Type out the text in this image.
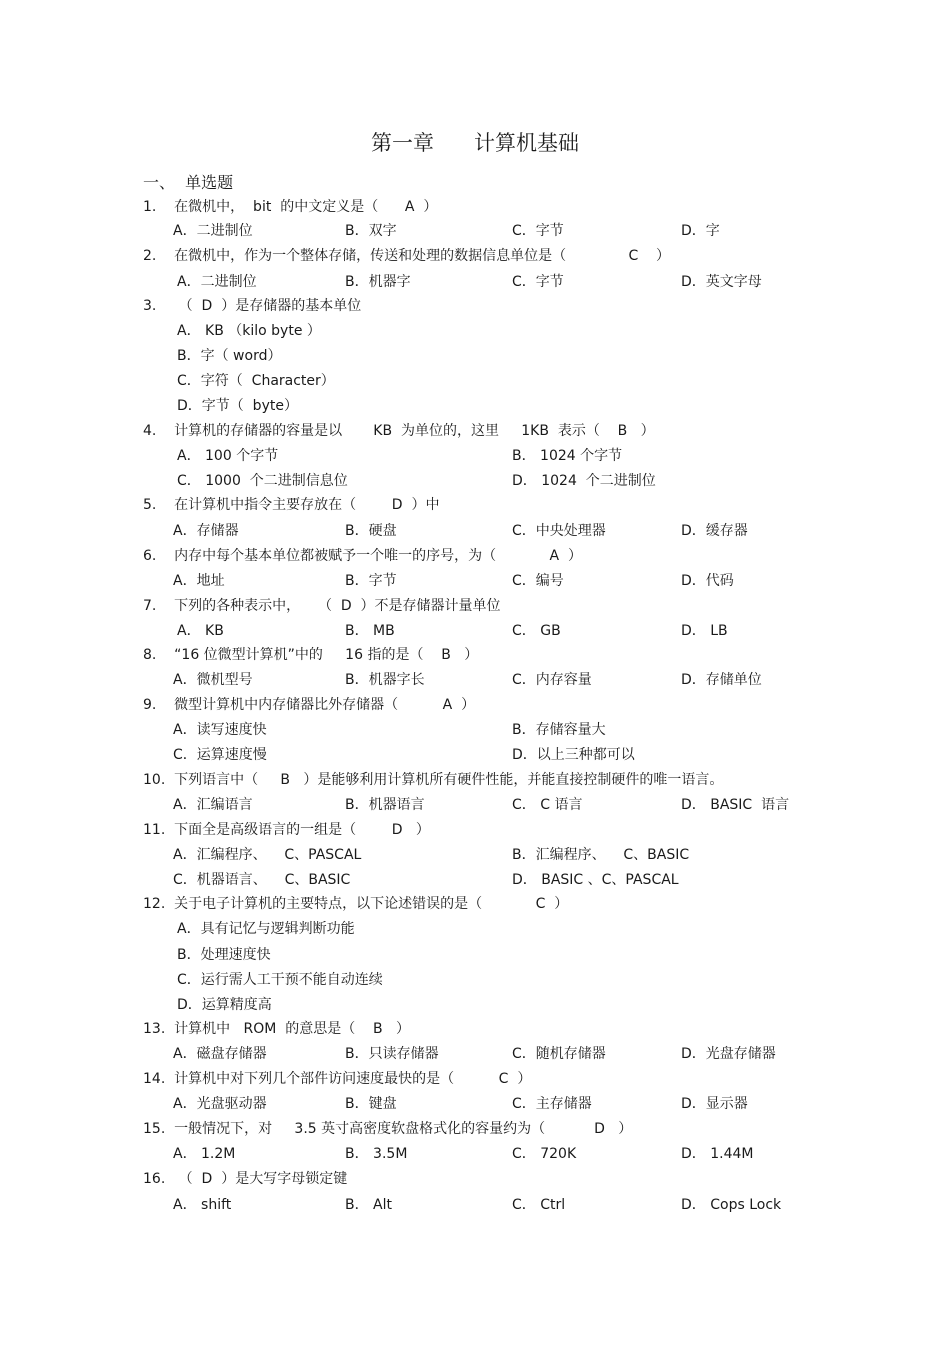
第一章      计算机基础
一、  单选题
1.    在微机中，  bit  的中文定义是（      A  ）
A．二进制位	B．双字	C．字节	D．字
2.    在微机中，作为一个整体存储，传送和处理的数据信息单位是（              C    ）
A．二进制位	B．机器字	C．字节	D．英文字母
3.     （  D  ）是存储器的基本单位
A． KB （kilo byte ）
B．字（ word）
C．字符（  Character）
D．字节（  byte）
4.    计算机的存储器的容量是以       KB  为单位的，这里     1KB  表示（    B   ）
A． 100 个字节	B． 1024 个字节
C． 1000  个二进制信息位	D． 1024  个二进制位
5.    在计算机中指令主要存放在（        D  ）中
A．存储器	B．硬盘	C．中央处理器	D．缓存器
6.    内存中每个基本单位都被赋予一个唯一的序号，为（            A  ）
A．地址	B．字节	C．编号	D．代码
7.    下列的各种表示中，    （  D  ）不是存储器计量单位
A． KB	B． MB	C． GB	D． LB
8.    “16 位微型计算机”中的     16 指的是（    B   ）
A．微机型号	B．机器字长	C．内存容量	D．存储单位
9.    微型计算机中内存储器比外存储器（          A  ）
A．读写速度快	B．存储容量大
C．运算速度慢	D．以上三种都可以
10.  下列语言中（     B   ）是能够利用计算机所有硬件性能，并能直接控制硬件的唯一语言。
A．汇编语言	B．机器语言	C． C 语言	D． BASIC  语言
11.  下面全是高级语言的一组是（        D   ）
A．汇编程序、    C、PASCAL	B．汇编程序、    C、BASIC
C．机器语言、    C、BASIC	D． BASIC 、C、PASCAL
12.  关于电子计算机的主要特点，以下论述错误的是（            C  ）
A．具有记忆与逻辑判断功能
B．处理速度快
C．运行需人工干预不能自动连续
D．运算精度高
13.  计算机中   ROM  的意思是（    B   ）
A．磁盘存储器	B．只读存储器	C．随机存储器	D．光盘存储器
14.  计算机中对下列几个部件访问速度最快的是（          C  ）
A．光盘驱动器	B．键盘	C．主存储器	D．显示器
15.  一般情况下，对     3.5 英寸高密度软盘格式化的容量约为（           D   ）
A． 1.2M	B． 3.5M	C． 720K	D． 1.44M
16.   （  D  ）是大写字母锁定键
A． shift	B． Alt	C． Ctrl	D． Cops Lock
